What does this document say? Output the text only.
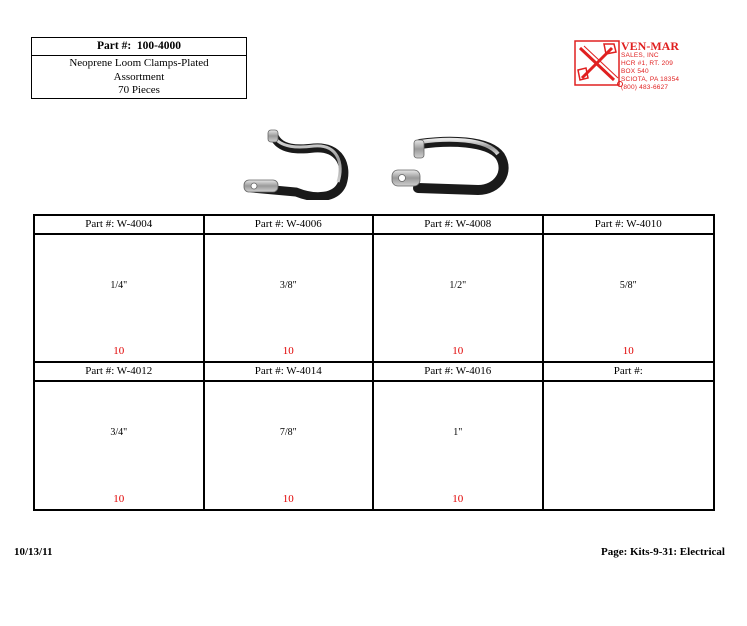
Part #: 100-4000
Neoprene Loom Clamps-Plated
Assortment
70 Pieces
VEN-MAR
SALES, INC
HCR #1, RT. 209
BOX 540
SCIOTA, PA 18354
(800) 483-6627
Part #: W-4004
1/4"
10
Part #: W-4006
3/8"
10
Part #: W-4008
1/2"
10
Part #: W-4010
5/8"
10
Part #: W-4012
3/4"
10
Part #: W-4014
7/8"
10
Part #: W-4016
1"
10
Part #:
10/13/11	Page: Kits-9-31: Electrical
